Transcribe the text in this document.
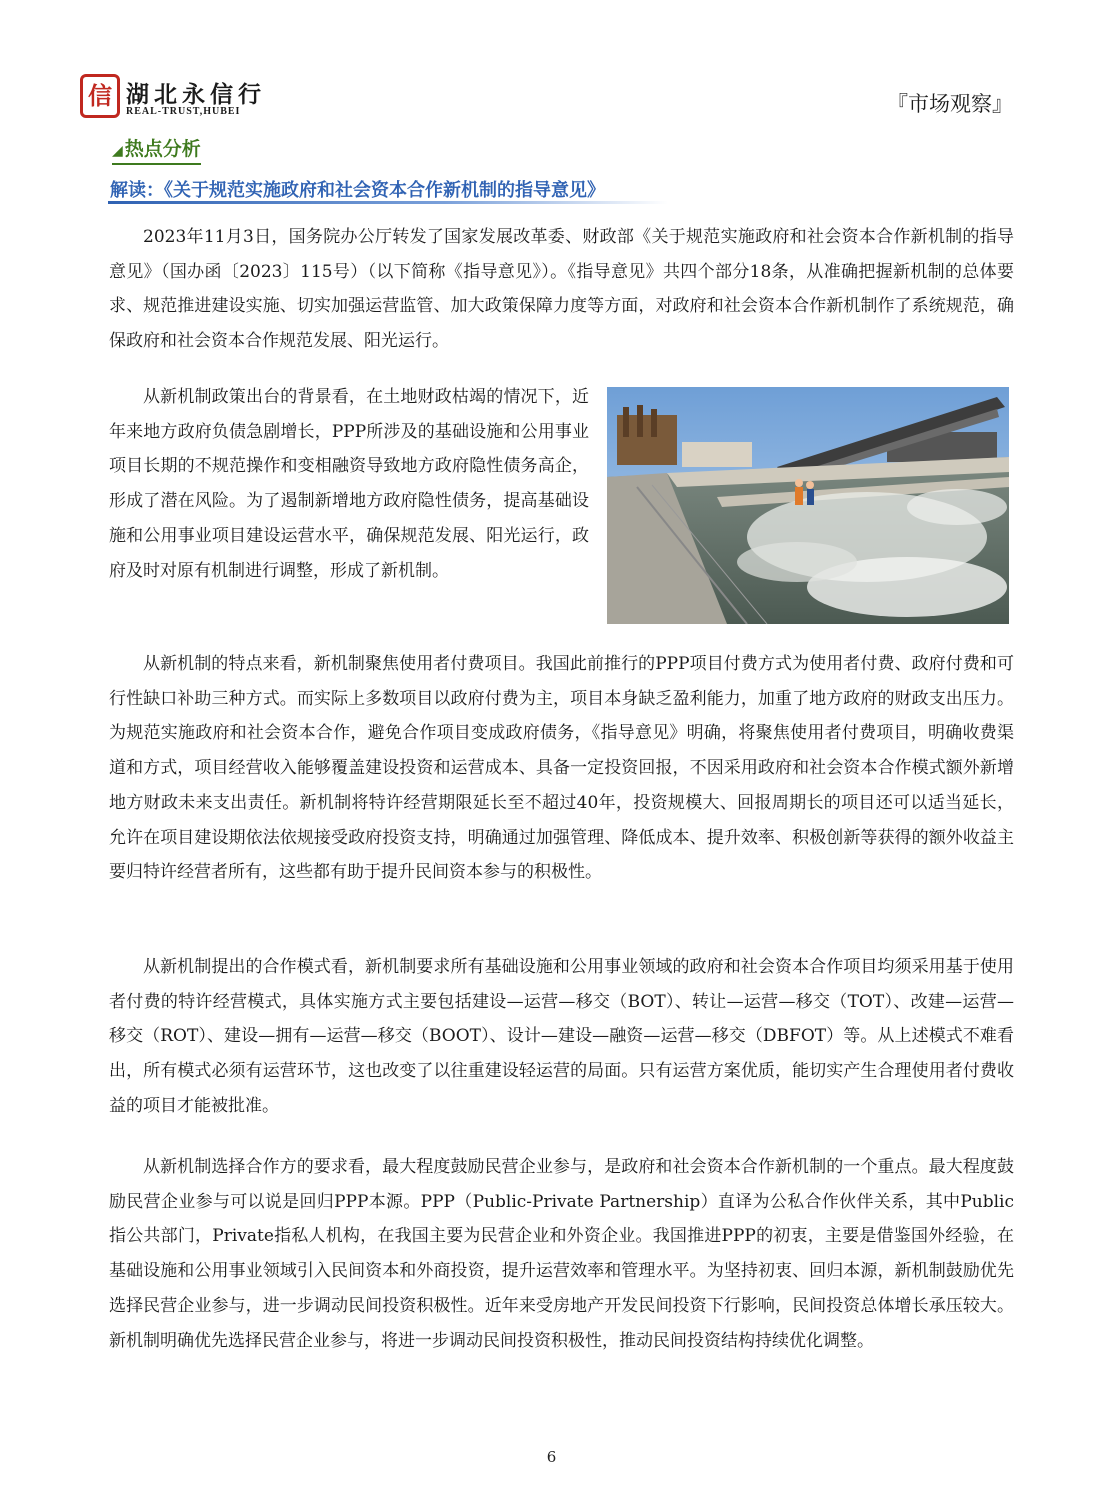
信 湖北永信行
REAL-TRUST,HUBEI	『市场观察』
◢ 热点分析
解读：《关于规范实施政府和社会资本合作新机制的指导意见》

2023年11月3日，国务院办公厅转发了国家发展改革委、财政部《关于规范实施政府和社会资本合作新机制的指导意见》（国办函〔2023〕115号）（以下简称《指导意见》）。《指导意见》共四个部分18条，从准确把握新机制的总体要求、规范推进建设实施、切实加强运营监管、加大政策保障力度等方面，对政府和社会资本合作新机制作了系统规范，确保政府和社会资本合作规范发展、阳光运行。

从新机制政策出台的背景看，在土地财政枯竭的情况下，近年来地方政府负债急剧增长，PPP所涉及的基础设施和公用事业项目长期的不规范操作和变相融资导致地方政府隐性债务高企，形成了潜在风险。为了遏制新增地方政府隐性债务，提高基础设施和公用事业项目建设运营水平，确保规范发展、阳光运行，政府及时对原有机制进行调整，形成了新机制。

从新机制的特点来看，新机制聚焦使用者付费项目。我国此前推行的PPP项目付费方式为使用者付费、政府付费和可行性缺口补助三种方式。而实际上多数项目以政府付费为主，项目本身缺乏盈利能力，加重了地方政府的财政支出压力。为规范实施政府和社会资本合作，避免合作项目变成政府债务，《指导意见》明确，将聚焦使用者付费项目，明确收费渠道和方式，项目经营收入能够覆盖建设投资和运营成本、具备一定投资回报，不因采用政府和社会资本合作模式额外新增地方财政未来支出责任。新机制将特许经营期限延长至不超过40年，投资规模大、回报周期长的项目还可以适当延长，允许在项目建设期依法依规接受政府投资支持，明确通过加强管理、降低成本、提升效率、积极创新等获得的额外收益主要归特许经营者所有，这些都有助于提升民间资本参与的积极性。

从新机制提出的合作模式看，新机制要求所有基础设施和公用事业领域的政府和社会资本合作项目均须采用基于使用者付费的特许经营模式，具体实施方式主要包括建设—运营—移交（BOT）、转让—运营—移交（TOT）、改建—运营—移交（ROT）、建设—拥有—运营—移交（BOOT）、设计—建设—融资—运营—移交（DBFOT）等。从上述模式不难看出，所有模式必须有运营环节，这也改变了以往重建设轻运营的局面。只有运营方案优质，能切实产生合理使用者付费收益的项目才能被批准。

从新机制选择合作方的要求看，最大程度鼓励民营企业参与，是政府和社会资本合作新机制的一个重点。最大程度鼓励民营企业参与可以说是回归PPP本源。PPP（Public-Private Partnership）直译为公私合作伙伴关系，其中Public指公共部门，Private指私人机构，在我国主要为民营企业和外资企业。我国推进PPP的初衷，主要是借鉴国外经验，在基础设施和公用事业领域引入民间资本和外商投资，提升运营效率和管理水平。为坚持初衷、回归本源，新机制鼓励优先选择民营企业参与，进一步调动民间投资积极性。近年来受房地产开发民间投资下行影响，民间投资总体增长承压较大。新机制明确优先选择民营企业参与，将进一步调动民间投资积极性，推动民间投资结构持续优化调整。

6
